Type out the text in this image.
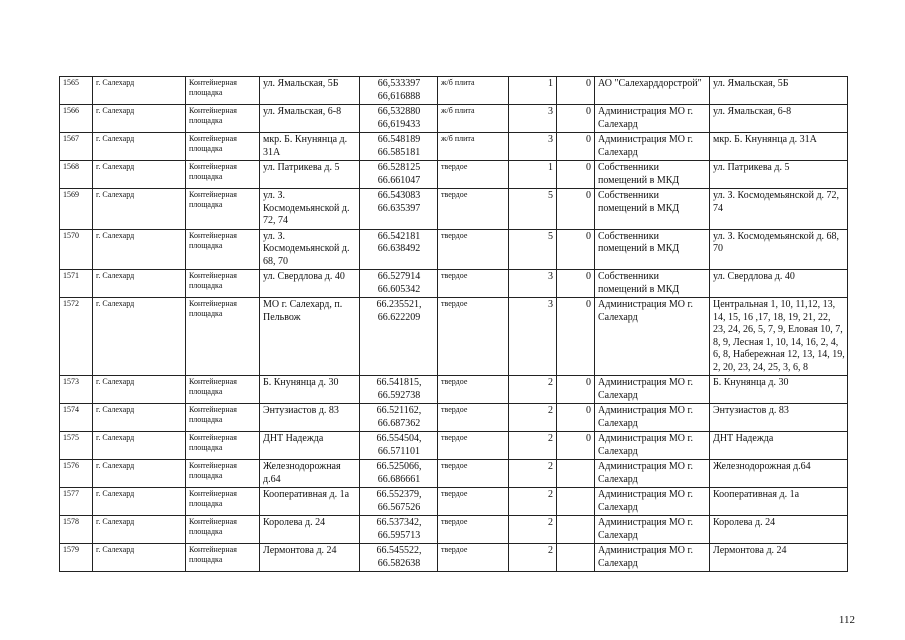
1565	г. Салехард	Контейнерная площадка	ул. Ямальская, 5Б	66,533397
66,616888	ж/б плита	1	0	АО "Салехарддорстрой"	ул. Ямальская, 5Б
1566	г. Салехард	Контейнерная площадка	ул. Ямальская, 6-8	66,532880
66,619433	ж/б плита	3	0	Администрация МО г. Салехард	ул. Ямальская, 6-8
1567	г. Салехард	Контейнерная площадка	мкр. Б. Кнунянца д. 31А	66.548189
66.585181	ж/б плита	3	0	Администрация МО г. Салехард	мкр. Б. Кнунянца д. 31А
1568	г. Салехард	Контейнерная площадка	ул. Патрикева д. 5	66.528125
66.661047	твердое	1	0	Собственники помещений в МКД	ул. Патрикева д. 5
1569	г. Салехард	Контейнерная площадка	ул. З. Космодемьянской д. 72, 74	66.543083
66.635397	твердое	5	0	Собственники помещений в МКД	ул. З. Космодемьянской д. 72, 74
1570	г. Салехард	Контейнерная площадка	ул. З. Космодемьянской д. 68, 70	66.542181
66.638492	твердое	5	0	Собственники помещений в МКД	ул. З. Космодемьянской д. 68, 70
1571	г. Салехард	Контейнерная площадка	ул. Свердлова д. 40	66.527914
66.605342	твердое	3	0	Собственники помещений в МКД	ул. Свердлова д. 40
1572	г. Салехард	Контейнерная площадка	МО г. Салехард, п. Пельвож	66.235521,
66.622209	твердое	3	0	Администрация МО г. Салехард	Центральная 1, 10, 11,12, 13, 14, 15, 16 ,17, 18, 19, 21, 22, 23, 24, 26, 5, 7, 9, Еловая 10, 7, 8, 9, Лесная 1, 10, 14, 16, 2, 4, 6, 8, Набережная 12, 13, 14, 19, 2, 20, 23, 24, 25, 3, 6, 8
1573	г. Салехард	Контейнерная площадка	Б. Кнунянца д. 30	66.541815,
66.592738	твердое	2	0	Администрация МО г. Салехард	Б. Кнунянца д. 30
1574	г. Салехард	Контейнерная площадка	Энтузиастов д. 83	66.521162,
66.687362	твердое	2	0	Администрация МО г. Салехард	Энтузиастов д. 83
1575	г. Салехард	Контейнерная площадка	ДНТ Надежда	66.554504,
66.571101	твердое	2	0	Администрация МО г. Салехард	ДНТ Надежда
1576	г. Салехард	Контейнерная площадка	Железнодорожная д.64	66.525066,
66.686661	твердое	2		Администрация МО г. Салехард	Железнодорожная д.64
1577	г. Салехард	Контейнерная площадка	Кооперативная д. 1а	66.552379,
66.567526	твердое	2		Администрация МО г. Салехард	Кооперативная д. 1а
1578	г. Салехард	Контейнерная площадка	Королева д. 24	66.537342,
66.595713	твердое	2		Администрация МО г. Салехард	Королева д. 24
1579	г. Салехард	Контейнерная площадка	Лермонтова д. 24	66.545522,
66.582638	твердое	2		Администрация МО г. Салехард	Лермонтова д. 24
112
